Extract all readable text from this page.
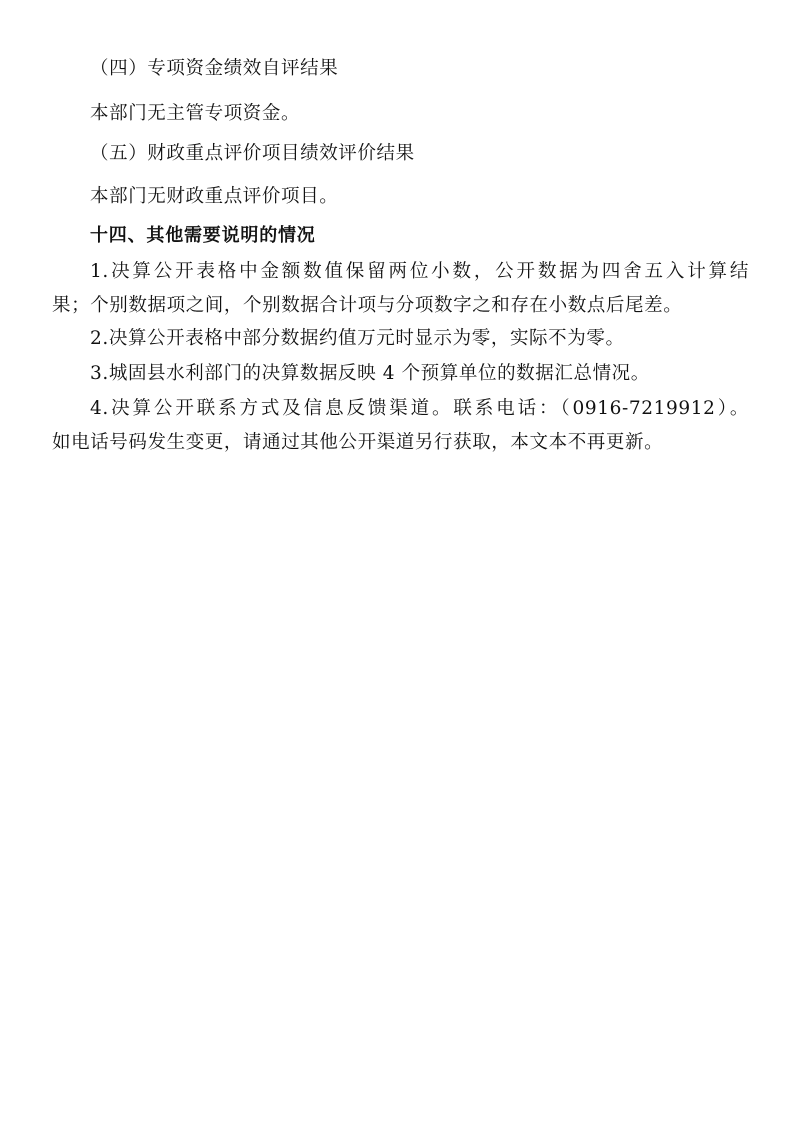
（四）专项资金绩效自评结果
本部门无主管专项资金。
（五）财政重点评价项目绩效评价结果
本部门无财政重点评价项目。
十四、其他需要说明的情况
1.决算公开表格中金额数值保留两位小数，公开数据为四舍五入计算结
果；个别数据项之间，个别数据合计项与分项数字之和存在小数点后尾差。
2.决算公开表格中部分数据约值万元时显示为零，实际不为零。
3.城固县水利部门的决算数据反映 4 个预算单位的数据汇总情况。
4.决算公开联系方式及信息反馈渠道。联系电话：（0916-7219912）。
如电话号码发生变更，请通过其他公开渠道另行获取，本文本不再更新。
